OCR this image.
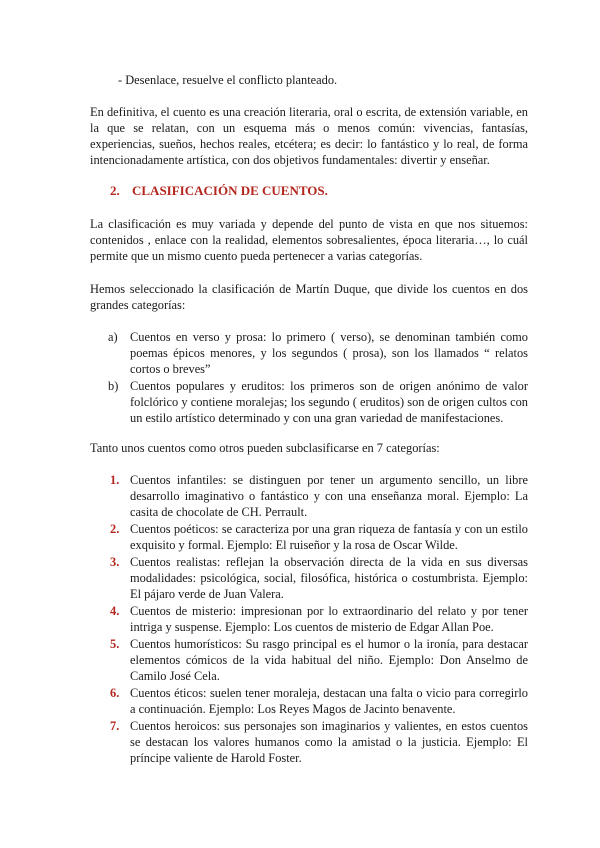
- Desenlace, resuelve el conflicto planteado.

En definitiva, el cuento es una creación literaria, oral o escrita, de extensión variable, en la que se relatan, con un esquema más o menos común: vivencias, fantasías, experiencias, sueños, hechos reales, etcétera; es decir: lo fantástico y lo real, de forma intencionadamente artística, con dos objetivos fundamentales: divertir y enseñar.

2. CLASIFICACIÓN DE CUENTOS.

La clasificación es muy variada y depende del punto de vista en que nos situemos: contenidos , enlace con la realidad, elementos sobresalientes, época literaria…, lo cuál permite que un mismo cuento pueda pertenecer a varias categorías.

Hemos seleccionado la clasificación de Martín Duque, que divide los cuentos en dos grandes categorías:

a) Cuentos en verso y prosa: lo primero ( verso), se denominan también como poemas épicos menores, y los segundos ( prosa), son los llamados “ relatos cortos o breves”
b) Cuentos populares y eruditos: los primeros son de origen anónimo de valor folclórico y contiene moralejas; los segundo ( eruditos) son de origen cultos con un estilo artístico determinado y con una gran variedad de manifestaciones.

Tanto unos cuentos como otros pueden subclasificarse en 7 categorías:

1. Cuentos infantiles: se distinguen por tener un argumento sencillo, un libre desarrollo imaginativo o fantástico y con una enseñanza moral. Ejemplo: La casita de chocolate de CH. Perrault.
2. Cuentos poéticos: se caracteriza por una gran riqueza de fantasía y con un estilo exquisito y formal. Ejemplo: El ruiseñor y la rosa de Oscar Wilde.
3. Cuentos realistas: reflejan la observación directa de la vida en sus diversas modalidades: psicológica, social, filosófica, histórica o costumbrista. Ejemplo: El pájaro verde de Juan Valera.
4. Cuentos de misterio: impresionan por lo extraordinario del relato y por tener intriga y suspense. Ejemplo: Los cuentos de misterio de Edgar Allan Poe.
5. Cuentos humorísticos: Su rasgo principal es el humor o la ironía, para destacar elementos cómicos de la vida habitual del niño. Ejemplo: Don Anselmo de Camilo José Cela.
6. Cuentos éticos: suelen tener moraleja, destacan una falta o vicio para corregirlo a continuación. Ejemplo: Los Reyes Magos de Jacinto benavente.
7. Cuentos heroicos: sus personajes son imaginarios y valientes, en estos cuentos se destacan los valores humanos como la amistad o la justicia. Ejemplo: El príncipe valiente de Harold Foster.
